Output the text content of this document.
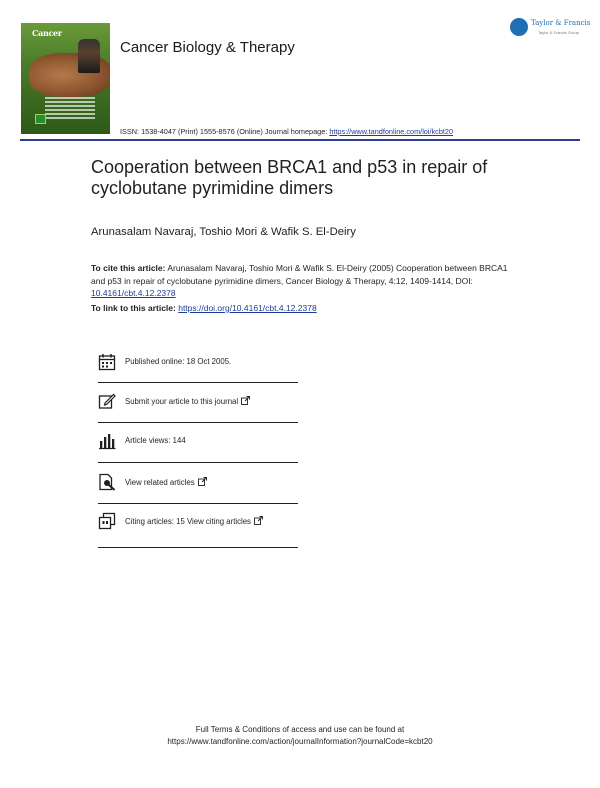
Cancer
Cancer Biology & Therapy
Taylor & Francis
Taylor & Francis Group
ISSN: 1538-4047 (Print) 1555-8576 (Online) Journal homepage: https://www.tandfonline.com/loi/kcbt20
Cooperation between BRCA1 and p53 in repair of cyclobutane pyrimidine dimers
Arunasalam Navaraj, Toshio Mori & Wafik S. El-Deiry
To cite this article: Arunasalam Navaraj, Toshio Mori & Wafik S. El-Deiry (2005) Cooperation between BRCA1 and p53 in repair of cyclobutane pyrimidine dimers, Cancer Biology & Therapy, 4:12, 1409-1414, DOI: 10.4161/cbt.4.12.2378
To link to this article: https://doi.org/10.4161/cbt.4.12.2378
Published online: 18 Oct 2005.
Submit your article to this journal
Article views: 144
View related articles
Citing articles: 15 View citing articles
Full Terms & Conditions of access and use can be found at
https://www.tandfonline.com/action/journalInformation?journalCode=kcbt20
